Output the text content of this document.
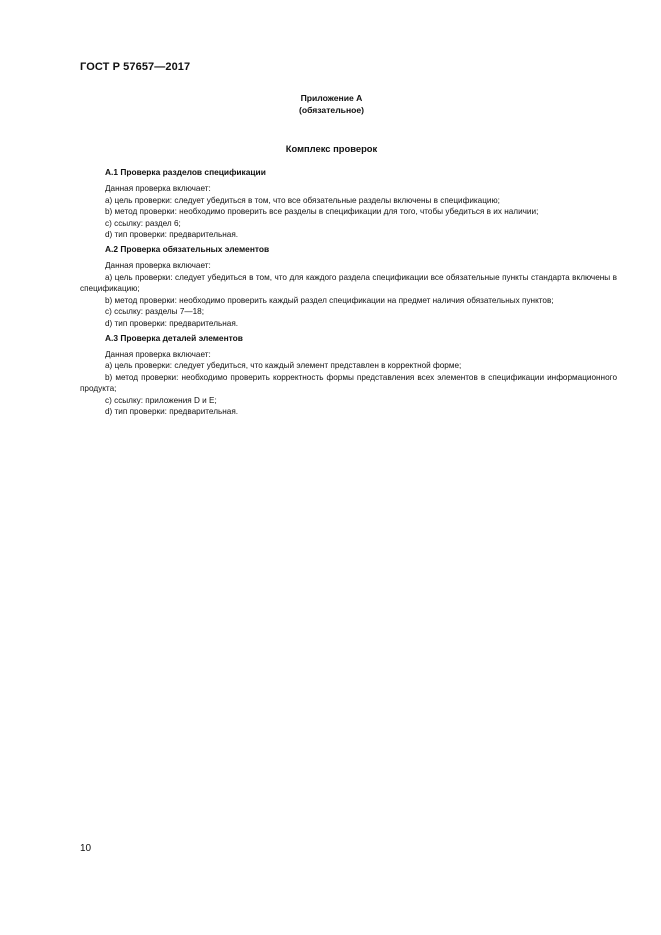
ГОСТ Р 57657—2017
Приложение А
(обязательное)
Комплекс проверок
А.1 Проверка разделов спецификации

Данная проверка включает:

a) цель проверки: следует убедиться в том, что все обязательные разделы включены в спецификацию;

b) метод проверки: необходимо проверить все разделы в спецификации для того, чтобы убедиться в их наличии;

c) ссылку: раздел 6;

d) тип проверки: предварительная.

А.2 Проверка обязательных элементов

Данная проверка включает:

a) цель проверки: следует убедиться в том, что для каждого раздела спецификации все обязательные пункты стандарта включены в спецификацию;

b) метод проверки: необходимо проверить каждый раздел спецификации на предмет наличия обязательных пунктов;

c) ссылку: разделы 7—18;

d) тип проверки: предварительная.

А.3 Проверка деталей элементов

Данная проверка включает:

a) цель проверки: следует убедиться, что каждый элемент представлен в корректной форме;

b) метод проверки: необходимо проверить корректность формы представления всех элементов в спецификации информационного продукта;

c) ссылку: приложения D и E;

d) тип проверки: предварительная.

10
